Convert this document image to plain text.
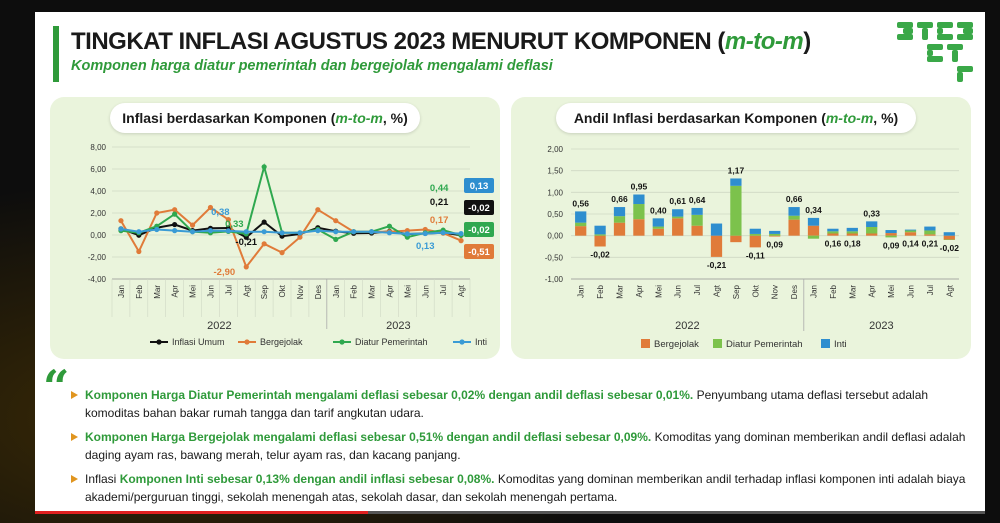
TINGKAT INFLASI AGUSTUS 2023 MENURUT KOMPONEN (m-to-m)
Komponen harga diatur pemerintah dan bergejolak mengalami deflasi
Inflasi berdasarkan Komponen ( m-to-m , %)
8,00
6,00
4,00
2,00
0,00
-2,00
-4,00
Jan Feb Mar Apr Mei Jun Jul Agt Sep Okt Nov Des Jan Feb Mar Apr Mei Jun Jul Agt
2022	2023
0,38
0,33
-0,21
-2,90
0,44
0,21
0,17
0,13
0,13
-0,02
-0,02
-0,51
Inflasi Umum	Bergejolak	Diatur Pemerintah	Inti
Andil Inflasi berdasarkan Komponen ( m-to-m , %)
2,00
1,50
1,00
0,50
0,00
-0,50
-1,00
0,56
-0,02
0,66
0,95
0,40
0,61 0,64
-0,21
1,17
-0,11
0,09
0,66
0,34
0,16 0,18
0,33
0,09 0,14 0,21 -0,02
Jan Feb Mar Apr Mei Jun Jul Agt Sep Okt Nov Des Jan Feb Mar Apr Mei Jun Jul Agt
2022	2023
Bergejolak	Diatur Pemerintah	Inti
“	Komponen Harga Diatur Pemerintah mengalami deflasi sebesar 0,02% dengan andil deflasi sebesar 0,01%. Penyumbang utama deflasi tersebut adalah komoditas bahan bakar rumah tangga dan tarif angkutan udara.
Komponen Harga Bergejolak mengalami deflasi sebesar 0,51% dengan andil deflasi sebesar 0,09%. Komoditas yang dominan memberikan andil deflasi adalah daging ayam ras, bawang merah, telur ayam ras, dan kacang panjang.
Inflasi Komponen Inti sebesar 0,13% dengan andil inflasi sebesar 0,08%. Komoditas yang dominan memberikan andil terhadap inflasi komponen inti adalah biaya akademi/perguruan tinggi, sekolah menengah atas, sekolah dasar, dan sekolah menengah pertama.
